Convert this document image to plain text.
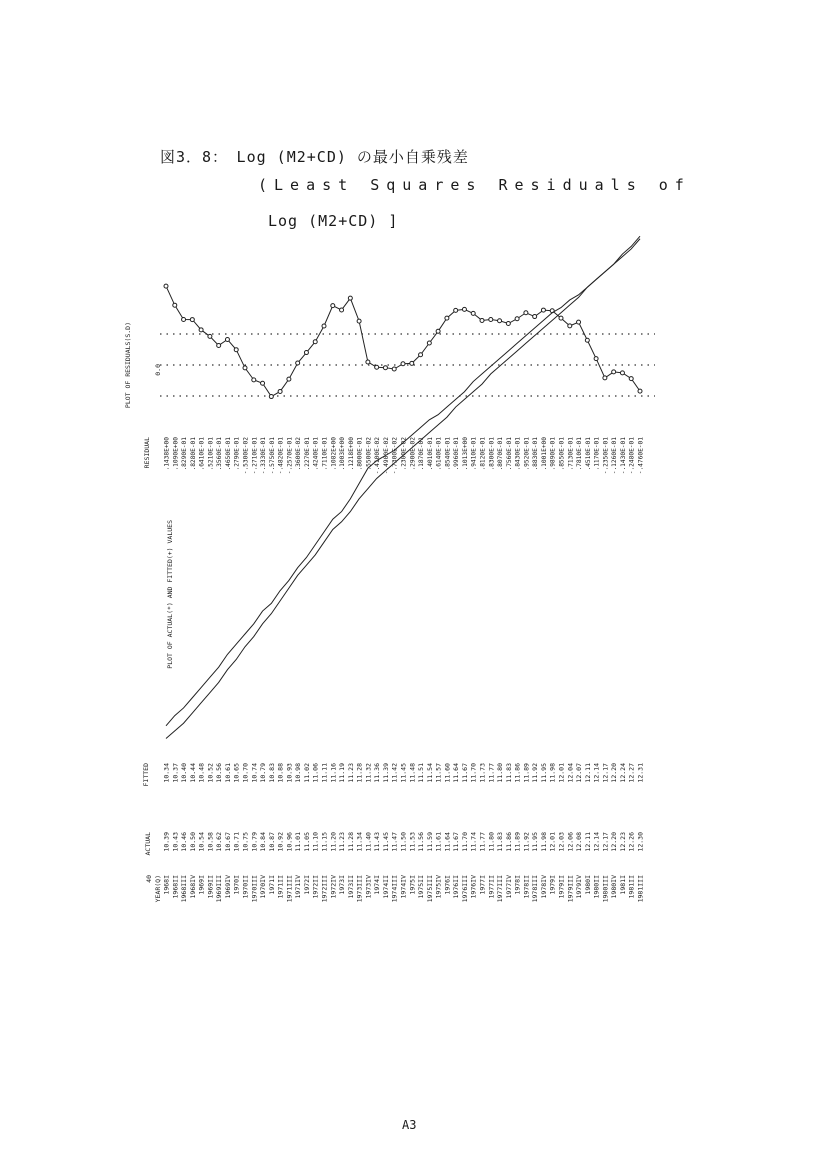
図3．8：　Log (M2+CD) の最小自乗残差
(Least Squares Residuals of
Log (M2+CD) ]
.1438E+00 .1090E+00 .8290E-01 .8280E-01 .6410E-01 .5210E-01 .3560E-01 .4650E-01 .2790E-01 -.5300E-02 -.2710E-01 -.3330E-01 -.5750E-01 -.4820E-01 -.2570E-01 .3600E-02 .2270E-01 .4240E-01 .7110E-01 .1082E+00 .1003E+00 .1218E+00 .8000E-01 .5500E-02 -.4100E-02 -.4900E-02 -.7300E-02 .2300E-02 .2900E-02 .1870E-01 .4010E-01 .6140E-01 .8540E-01 .9960E-01 .1013E+00 .9410E-01 .8120E-01 .8300E-01 .8070E-01 .7560E-01 .8430E-01 .9520E-01 .8830E-01 .1001E+00 .9890E-01 .8550E-01 .7130E-01 .7810E-01 .4510E-01 .1170E-01 -.2350E-01 -.1260E-01 -.1430E-01 -.2480E-01 -.4760E-01
10.34 10.37 10.40 10.44 10.48 10.52 10.56 10.61 10.65 10.70 10.74 10.79 10.83 10.88 10.93 10.98 11.02 11.06 11.11 11.16 11.19 11.23 11.28 11.32 11.36 11.39 11.42 11.45 11.48 11.51 11.54 11.57 11.60 11.64 11.67 11.70 11.73 11.77 11.80 11.83 11.86 11.89 11.92 11.95 11.98 12.01 12.04 12.07 12.11 12.14 12.17 12.20 12.24 12.27 12.31
10.39 10.43 10.46 10.50 10.54 10.58 10.62 10.67 10.71 10.75 10.79 10.84 10.87 10.92 10.96 11.01 11.05 11.10 11.15 11.20 11.23 11.28 11.34 11.40 11.43 11.45 11.47 11.50 11.53 11.56 11.59 11.61 11.64 11.67 11.70 11.74 11.77 11.80 11.83 11.86 11.89 11.92 11.95 11.98 12.01 12.03 12.06 12.08 12.11 12.14 12.17 12.20 12.23 12.26 12.30
1968I 1968II 1968III 1968IV 1969I 1969II 1969III 1969IV 1970I 1970II 1970III 1970IV 1971I 1971II 1971III 1971IV 1972I 1972II 1972III 1972IV 1973I 1973II 1973III 1973IV 1974I 1974II 1974III 1974IV 1975I 1975II 1975III 1975IV 1976I 1976II 1976III 1976IV 1977I 1977II 1977III 1977IV 1978I 1978II 1978III 1978IV 1979I 1979II 1979III 1979IV 1980I 1980II 1980III 1980IV 1981I 1981II 1981III
PLOT OF RESIDUALS(S.D)	0.0
RESIDUAL
PLOT OF ACTUAL(*) AND FITTED(+) VALUES
FITTED
ACTUAL
40 YEAR(Q)
A3
